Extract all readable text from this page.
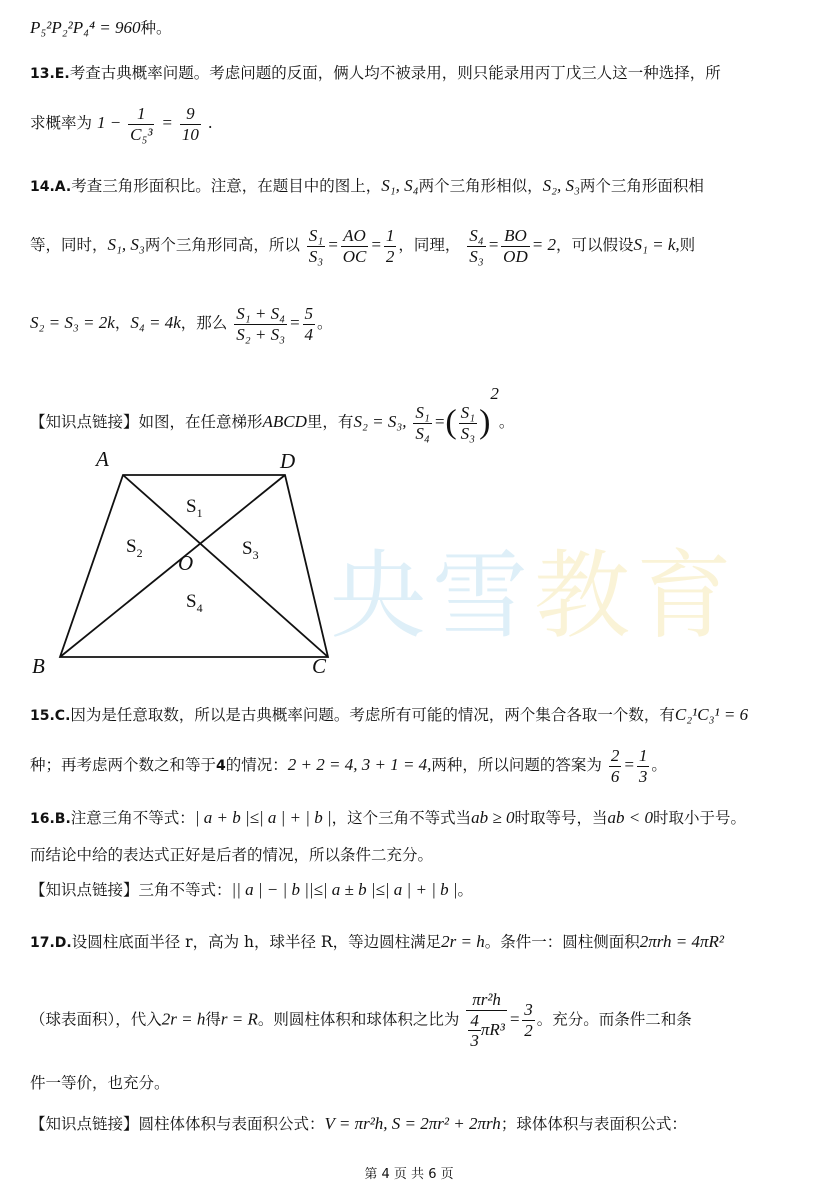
P₅²P₂²P₄⁴ = 960种。
13.E.考查古典概率问题。考虑问题的反面，俩人均不被录用，则只能录用丙丁戊三人这一种选择，所
求概率为 $1 - \frac{1}{\text{C₅³}} = \frac{9}{10}$ .
14.A.考查三角形面积比。注意，在题目中的图上，S₁, S₄两个三角形相似，S₂, S₃两个三角形面积相
等，同时，S₁, S₃两个三角形同高，所以 $\frac{\text{S₁}}{\text{S₃}} = \frac{AO}{OC} = \frac{1}{2}$ ，同理， $\frac{\text{S₄}}{\text{S₃}} = \frac{BO}{OD} = 2$，可以假设S₁ = k,则
S₂ = S₃ = 2k，S₄ = 4k，那么 $\frac{\text{S₁ + S₄}}{\text{S₂ + S₃}} = \frac{5}{4}$ 。
【知识点链接】如图，在任意梯形ABCD里，有S₂ = S₃, $\frac{\text{S₁}}{\text{S₄}}$ =( $\frac{\text{S₁}}{\text{S₃}} )^2$。
央雪教育
A	D
B	C
O
$S_1$
$S_2$	$S_3$
$S_4$
15.C.因为是任意取数，所以是古典概率问题。考虑所有可能的情况，两个集合各取一个数，有C₂¹C₃¹ = 6
种；再考虑两个数之和等于4的情况：2 + 2 = 4, 3 + 1 = 4,两种，所以问题的答案为 $\frac{2}{6} = \frac{1}{3}$ 。
16.B.注意三角不等式：| a + b |≤| a | + | b |，这个三角不等式当ab ≥ 0时取等号，当ab < 0时取小于号。
而结论中给的表达式正好是后者的情况，所以条件二充分。
【知识点链接】三角不等式：|| a | − | b ||≤| a ± b |≤| a | + | b |。
17.D.设圆柱底面半径 r，高为 h，球半径 R，等边圆柱满足2r = h。条件一：圆柱侧面积2πrh = 4πR²
（球表面积），代入2r = h得r = R。则圆柱体积和球体积之比为 $\frac{\text{πr²h}}{\frac{4}{3} \pi R^3} = \frac{3}{2}$ 。充分。而条件二和条
件一等价，也充分。
【知识点链接】圆柱体体积与表面积公式：V = πr²h, S = 2πr² + 2πrh；球体体积与表面积公式：
第 4 页 共 6 页
